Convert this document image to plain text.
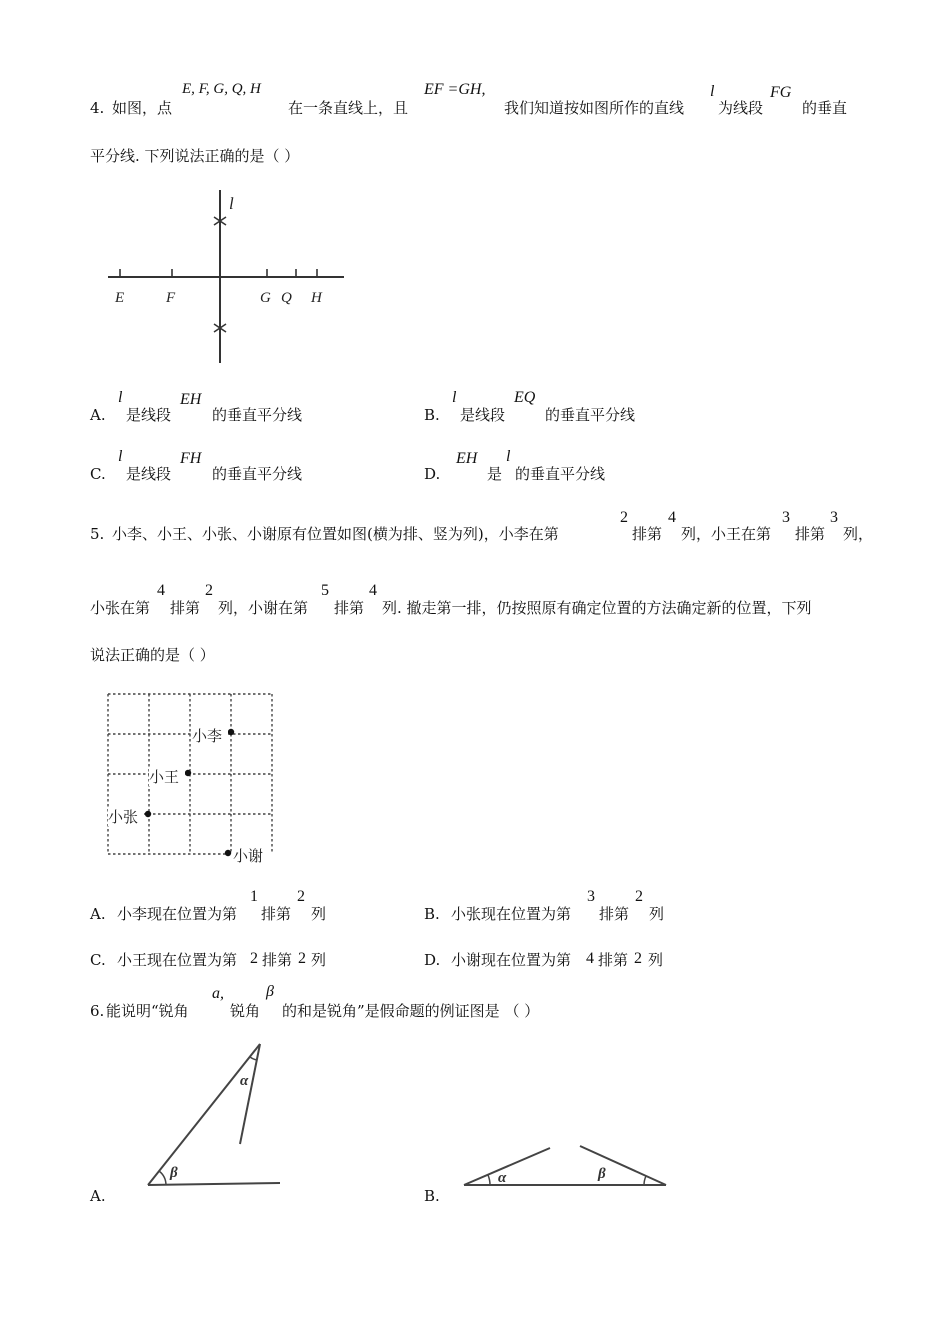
4. 如图，点
E, F, G, Q, H
在一条直线上，且
EF =GH,
我们知道按如图所作的直线
l
为线段
FG
的垂直
平分线. 下列说法正确的是（ ）
l
E	F	G Q H
A.
l
是线段
EH
的垂直平分线	B.
l
是线段
EQ
的垂直平分线
C.
l
是线段
FH
的垂直平分线	D.
EH
是
l
的垂直平分线
5. 小李、小王、小张、小谢原有位置如图(横为排、竖为列)，小李在第
2
排第
4
列，小王在第
3
排第
3
列，
小张在第
4
排第
2
列，小谢在第
5
排第
4
列. 撤走第一排，仍按照原有确定位置的方法确定新的位置，下列
说法正确的是（ ）
小李
小王
小张
小谢
A. 小李现在位置为第
1
排第
2
列	B. 小张现在位置为第
3
排第
2
列
C. 小王现在位置为第 2 排第 2 列	D. 小谢现在位置为第 4 排第 2 列
6. 能说明“锐角
a,
锐角
β
的和是锐角”是假命题的例证图是 （ ）
A.
α
β
B.
α	β
